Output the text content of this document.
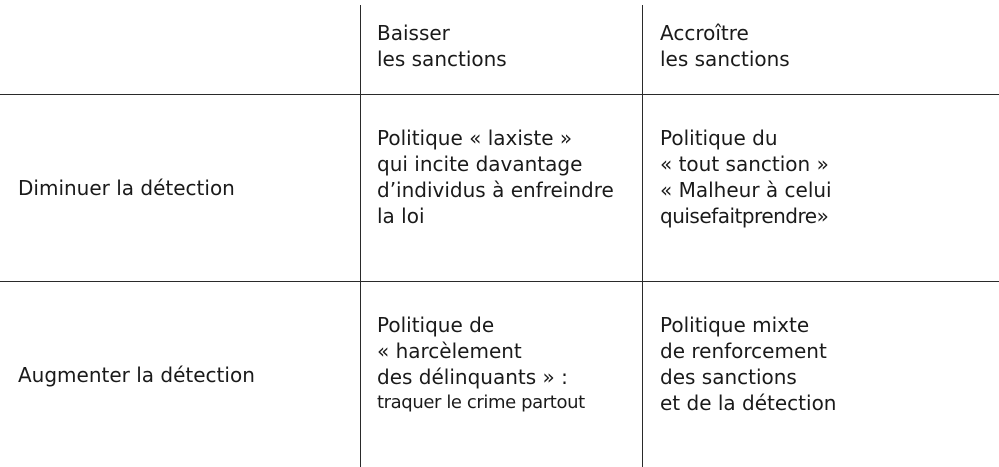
Baisser
les sanctions
Accroître
les sanctions
Diminuer la détection
Politique « laxiste »
qui incite davantage
d’individus à enfreindre
la loi
Politique du
« tout sanction »
« Malheur à celui
quisefaitprendre»
Augmenter la détection
Politique de
« harcèlement
des délinquants » :
traquer le crime partout
Politique mixte
de renforcement
des sanctions
et de la détection
